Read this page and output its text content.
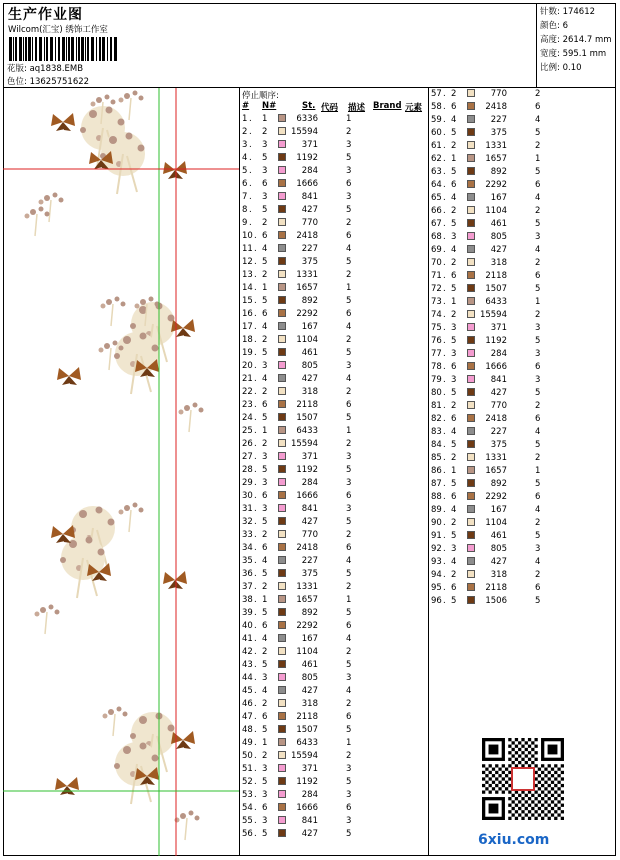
生产作业图
Wilcom(汇宝) 绣饰工作室
花版: aq1838.EMB
色位: 13625751622
针数: 174612
颜色: 6
高度: 2614.7 mm
宽度: 595.1 mm
比例: 0.10
停止顺序:
# N#	St. 代码 描述 Brand 元素
1 . 1	6336	1
2 . 2	15594	2
3 . 3	371	3
4 . 5	1192	5
5 . 3	284	3
6 . 6	1666	6
7 . 3	841	3
8 . 5	427	5
9 . 2	770	2
10 . 6	2418	6
11 . 4	227	4
12 . 5	375	5
13 . 2	1331	2
14 . 1	1657	1
15 . 5	892	5
16 . 6	2292	6
17 . 4	167	4
18 . 2	1104	2
19 . 5	461	5
20 . 3	805	3
21 . 4	427	4
22 . 2	318	2
23 . 6	2118	6
24 . 5	1507	5
25 . 1	6433	1
26 . 2	15594	2
27 . 3	371	3
28 . 5	1192	5
29 . 3	284	3
30 . 6	1666	6
31 . 3	841	3
32 . 5	427	5
33 . 2	770	2
34 . 6	2418	6
35 . 4	227	4
36 . 5	375	5
37 . 2	1331	2
38 . 1	1657	1
39 . 5	892	5
40 . 6	2292	6
41 . 4	167	4
42 . 2	1104	2
43 . 5	461	5
44 . 3	805	3
45 . 4	427	4
46 . 2	318	2
47 . 6	2118	6
48 . 5	1507	5
49 . 1	6433	1
50 . 2	15594	2
51 . 3	371	3
52 . 5	1192	5
53 . 3	284	3
54 . 6	1666	6
55 . 3	841	3
56 . 5	427	5	6xiu.com
57 . 2	770	2
58 . 6	2418	6
59 . 4	227	4
60 . 5	375	5
61 . 2	1331	2
62 . 1	1657	1
63 . 5	892	5
64 . 6	2292	6
65 . 4	167	4
66 . 2	1104	2
67 . 5	461	5
68 . 3	805	3
69 . 4	427	4
70 . 2	318	2
71 . 6	2118	6
72 . 5	1507	5
73 . 1	6433	1
74 . 2	15594	2
75 . 3	371	3
76 . 5	1192	5
77 . 3	284	3
78 . 6	1666	6
79 . 3	841	3
80 . 5	427	5
81 . 2	770	2
82 . 6	2418	6
83 . 4	227	4
84 . 5	375	5
85 . 2	1331	2
86 . 1	1657	1
87 . 5	892	5
88 . 6	2292	6
89 . 4	167	4
90 . 2	1104	2
91 . 5	461	5
92 . 3	805	3
93 . 4	427	4
94 . 2	318	2
95 . 6	2118	6
96 . 5	1506	5
